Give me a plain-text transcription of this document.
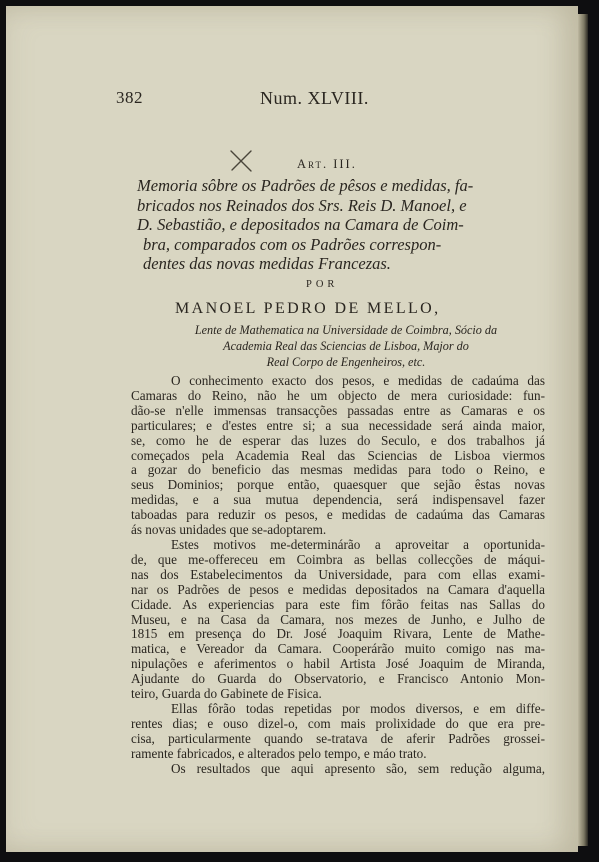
382	Num. XLVIII.
Art. III.
Memoria sôbre os Padrões de pêsos e medidas, fa-
bricados nos Reinados dos Srs. Reis D. Manoel, e
D. Sebastião, e depositados na Camara de Coim-
bra, comparados com os Padrões correspon-
dentes das novas medidas Francezas.
POR
MANOEL PEDRO DE MELLO,
Lente de Mathematica na Universidade de Coimbra, Sócio da
Academia Real das Sciencias de Lisboa, Major do
Real Corpo de Engenheiros, etc.
O conhecimento exacto dos pesos, e medidas de cadaúma das
Camaras do Reino, não he um objecto de mera curiosidade: fun-
dão-se n'elle immensas transacções passadas entre as Camaras e os
particulares; e d'estes entre si; a sua necessidade será ainda maior,
se, como he de esperar das luzes do Seculo, e dos trabalhos já
começados pela Academia Real das Sciencias de Lisboa viermos
a gozar do beneficio das mesmas medidas para todo o Reino, e
seus Dominios; porque então, quaesquer que sejão êstas novas
medidas, e a sua mutua dependencia, será indispensavel fazer
taboadas para reduzir os pesos, e medidas de cadaúma das Camaras
ás novas unidades que se-adoptarem.
Estes motivos me-determinárão a aproveitar a oportunida-
de, que me-offereceu em Coimbra as bellas collecções de máqui-
nas dos Estabelecimentos da Universidade, para com ellas exami-
nar os Padrões de pesos e medidas depositados na Camara d'aquella
Cidade. As experiencias para este fim fôrão feitas nas Sallas do
Museu, e na Casa da Camara, nos mezes de Junho, e Julho de
1815 em presença do Dr. José Joaquim Rivara, Lente de Mathe-
matica, e Vereador da Camara. Cooperárão muito comigo nas ma-
nipulações e aferimentos o habil Artista José Joaquim de Miranda,
Ajudante do Guarda do Observatorio, e Francisco Antonio Mon-
teiro, Guarda do Gabinete de Fisica.
Ellas fôrão todas repetidas por modos diversos, e em diffe-
rentes dias; e ouso dizel-o, com mais prolixidade do que era pre-
cisa, particularmente quando se-tratava de aferir Padrões grossei-
ramente fabricados, e alterados pelo tempo, e máo trato.
Os resultados que aqui apresento são, sem redução alguma,
